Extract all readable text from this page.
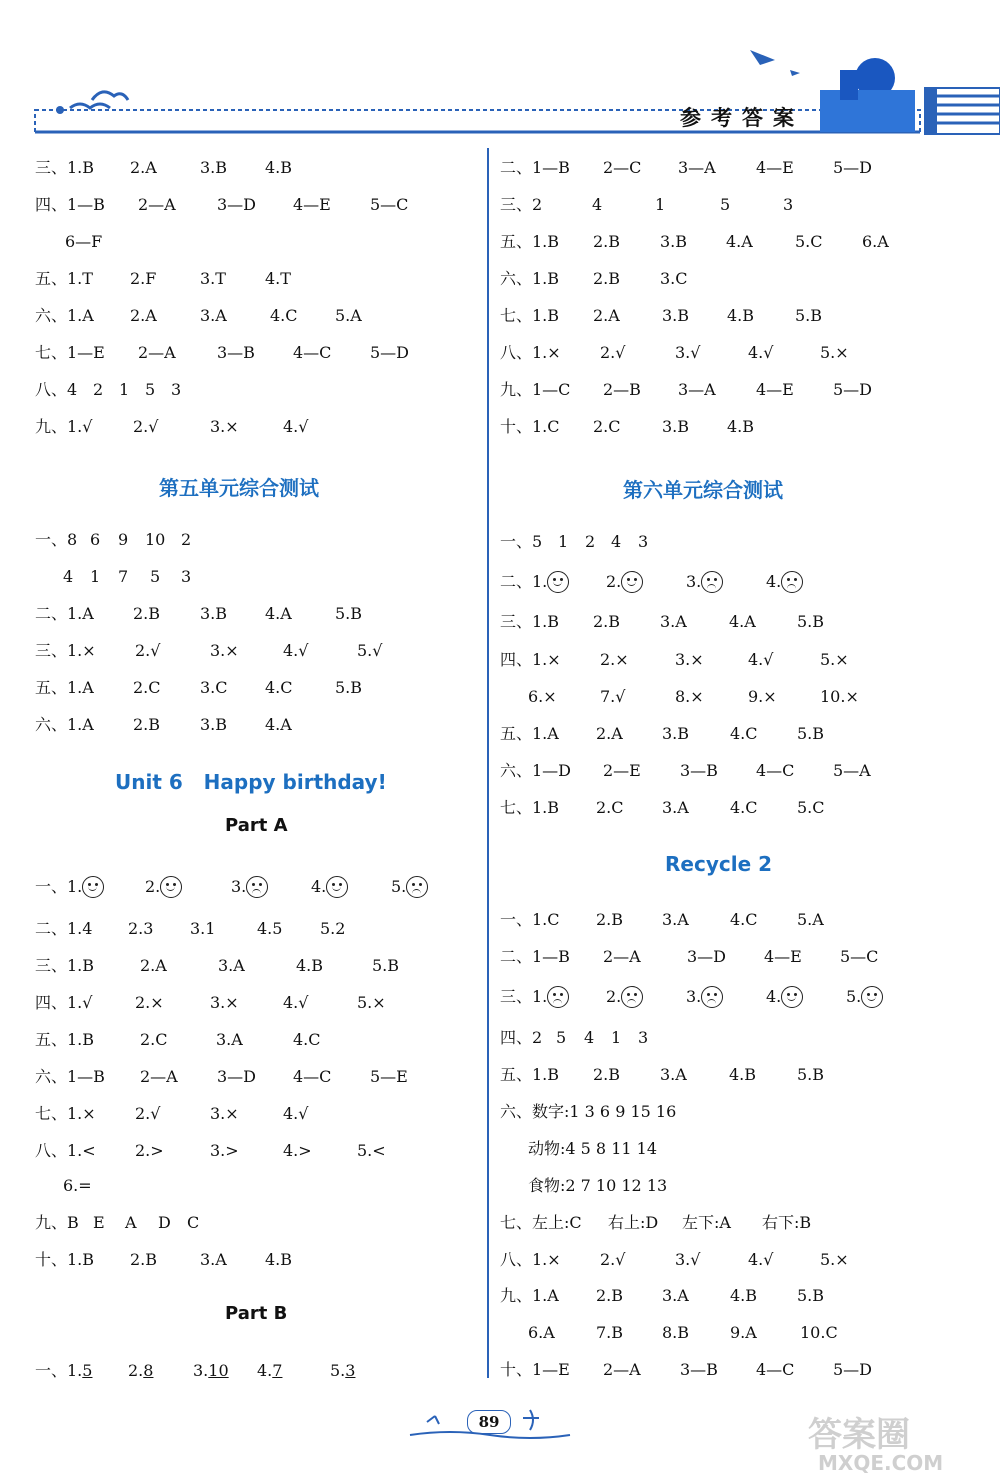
参考答案
三、1.B 2.A	3.B 4.B
四、1—B 2—A	3—D 4—E 5—C
6—F
五、1.T 2.F	3.T 4.T
六、1.A 2.A	3.A	4.C 5.A
七、1—E 2—A	3—B 4—C 5—D
八、4 2 1 5 3
九、1.√	2.√	3.×	4.√
第五单元综合测试
一、8 6 9 10 2
4 1 7 5 3
二、1.A 2.B 3.B 4.A	5.B
三、1.× 2.√	3.×	4.√	5.√
五、1.A 2.C 3.C 4.C	5.B
六、1.A 2.B 3.B 4.A
Unit 6   Happy birthday!
Part A
一、1.	2.	3.	4.	5.
二、1.4 2.3 3.1	4.5 5.2
三、1.B	2.A	3.A	4.B	5.B
四、1.√	2.×	3.×	4.√	5.×
五、1.B	2.C	3.A	4.C
六、1—B 2—A 3—D 4—C 5—E
七、1.× 2.√	3.×	4.√
八、1.< 2.>	3.>	4.>	5.<
6.=
九、B E A D C
十、1.B 2.B	3.A 4.B
Part B
一、1.5 2.8 3.10 4.7	5.3
二、1—B 2—C 3—A	4—E 5—D
三、2	4	1	5	3
五、1.B 2.B 3.B 4.A	5.C 6.A
六、1.B 2.B 3.C
七、1.B 2.A	3.B 4.B	5.B
八、1.× 2.√	3.√	4.√	5.×
九、1—C 2—B 3—A	4—E 5—D
十、1.C 2.C	3.B 4.B
第六单元综合测试
一、5 1 2 4 3
二、1.	2.	3.	4.
三、1.B 2.B 3.A	4.A	5.B
四、1.× 2.×	3.×	4.√	5.×
6.×	7.√	8.×	9.×	10.×
五、1.A 2.A 3.B	4.C 5.B
六、1—D 2—E 3—B 4—C 5—A
七、1.B 2.C 3.A	4.C 5.C
Recycle 2
一、1.C 2.B 3.A	4.C 5.A
二、1—B 2—A	3—D 4—E 5—C
三、1.	2.	3.	4.	5.
四、2 5 4 1 3
五、1.B 2.B 3.A	4.B	5.B
六、数字:1 3 6 9 15 16
动物:4 5 8 11 14
食物:2 7 10 12 13
七、左上:C 右上:D 左下:A 右下:B
八、1.× 2.√	3.√	4.√	5.×
九、1.A 2.B 3.A	4.B 5.B
6.A	7.B 8.B	9.A	10.C
十、1—E 2—A 3—B 4—C 5—D
89	答案圈
MXQE.COM
